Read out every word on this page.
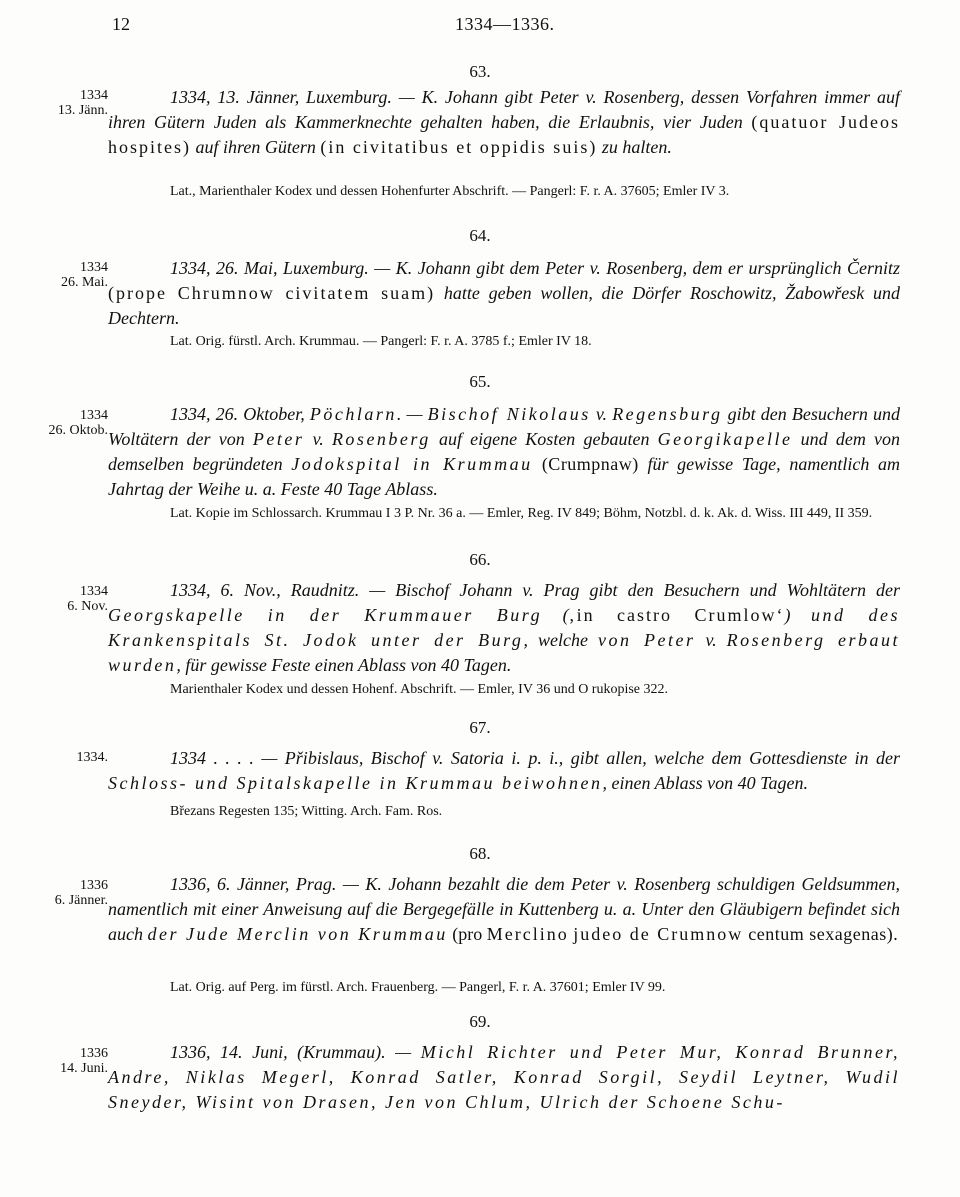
12	1334—1336.
63.
1334
13. Jänn.
1334, 13. Jänner, Luxemburg. — K. Johann gibt Peter v. Rosenberg, dessen Vorfahren immer auf ihren Gütern Juden als Kammerknechte gehalten haben, die Erlaubnis, vier Juden (quatuor Judeos hospites) auf ihren Gütern (in civitatibus et oppidis suis) zu halten.
Lat., Marienthaler Kodex und dessen Hohenfurter Abschrift. — Pangerl: F. r. A. 37605; Emler IV 3.
64.
1334
26. Mai.
1334, 26. Mai, Luxemburg. — K. Johann gibt dem Peter v. Rosenberg, dem er ursprünglich Černitz (prope Chrumnow civitatem suam) hatte geben wollen, die Dörfer Roschowitz, Žabowřesk und Dechtern.
Lat. Orig. fürstl. Arch. Krummau. — Pangerl: F. r. A. 3785 f.; Emler IV 18.
65.
1334
26. Oktob.
1334, 26. Oktober, Pöchlarn. — Bischof Nikolaus v. Regensburg gibt den Besuchern und Woltätern der von Peter v. Rosenberg auf eigene Kosten gebauten Georgikapelle und dem von demselben begründeten Jodokspital in Krummau (Crumpnaw) für gewisse Tage, namentlich am Jahrtag der Weihe u. a. Feste 40 Tage Ablass.
Lat. Kopie im Schlossarch. Krummau I 3 P. Nr. 36 a. — Emler, Reg. IV 849; Böhm, Notzbl. d. k. Ak. d. Wiss. III 449, II 359.
66.
1334
6. Nov.
1334, 6. Nov., Raudnitz. — Bischof Johann v. Prag gibt den Besuchern und Wohltätern der Georgskapelle in der Krummauer Burg (‚in castro Crumlow‘) und des Krankenspitals St. Jodok unter der Burg, welche von Peter v. Rosenberg erbaut wurden, für gewisse Feste einen Ablass von 40 Tagen.
Marienthaler Kodex und dessen Hohenf. Abschrift. — Emler, IV 36 und O rukopise 322.
67.
1334.	1334 . . . . — Přibislaus, Bischof v. Satoria i. p. i., gibt allen, welche dem Gottesdienste in der Schloss- und Spitalskapelle in Krummau beiwohnen, einen Ablass von 40 Tagen.
Březans Regesten 135; Witting. Arch. Fam. Ros.
68.
1336
6. Jänner.
1336, 6. Jänner, Prag. — K. Johann bezahlt die dem Peter v. Rosenberg schuldigen Geldsummen, namentlich mit einer Anweisung auf die Bergegefälle in Kuttenberg u. a. Unter den Gläubigern befindet sich auch der Jude Merclin von Krummau (pro Merclino judeo de Crumnow centum sexagenas).
Lat. Orig. auf Perg. im fürstl. Arch. Frauenberg. — Pangerl, F. r. A. 37601; Emler IV 99.
69.
1336
14. Juni.
1336, 14. Juni, (Krummau). — Michl Richter und Peter Mur, Konrad Brunner, Andre, Niklas Megerl, Konrad Satler, Konrad Sorgil, Seydil Leytner, Wudil Sneyder, Wisint von Drasen, Jen von Chlum, Ulrich der Schoene Schu-
